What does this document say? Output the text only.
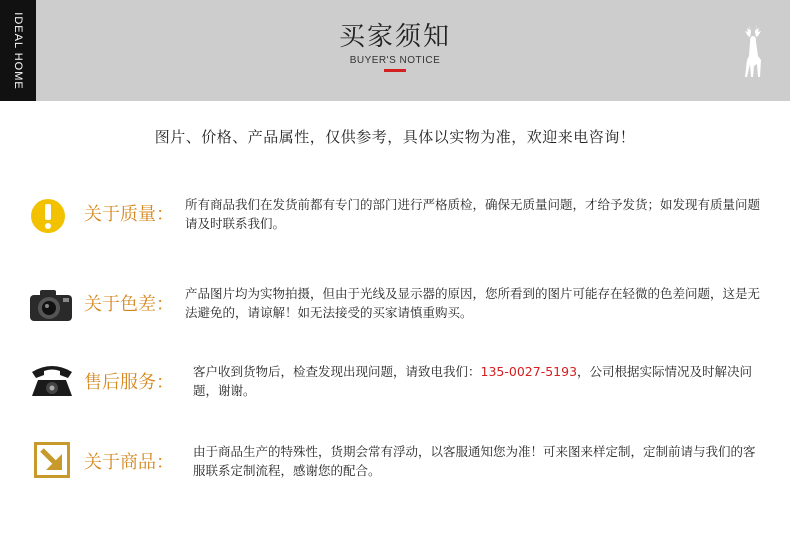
IDEAL HOME	买家须知
BUYER'S NOTICE
图片、价格、产品属性，仅供参考，具体以实物为准，欢迎来电咨询！
关于质量： 所有商品我们在发货前都有专门的部门进行严格质检，确保无质量问题，才给予发货；如发现有质量问题请及时联系我们。
关于色差：
产品图片均为实物拍摄，但由于光线及显示器的原因，您所看到的图片可能存在轻微的色差问题，这是无法避免的，请谅解！如无法接受的买家请慎重购买。
售后服务：
客户收到货物后，检查发现出现问题，请致电我们：135-0027-5193，公司根据实际情况及时解决问题，谢谢。
关于商品：
由于商品生产的特殊性，货期会常有浮动，以客服通知您为准！可来图来样定制，定制前请与我们的客服联系定制流程，感谢您的配合。
